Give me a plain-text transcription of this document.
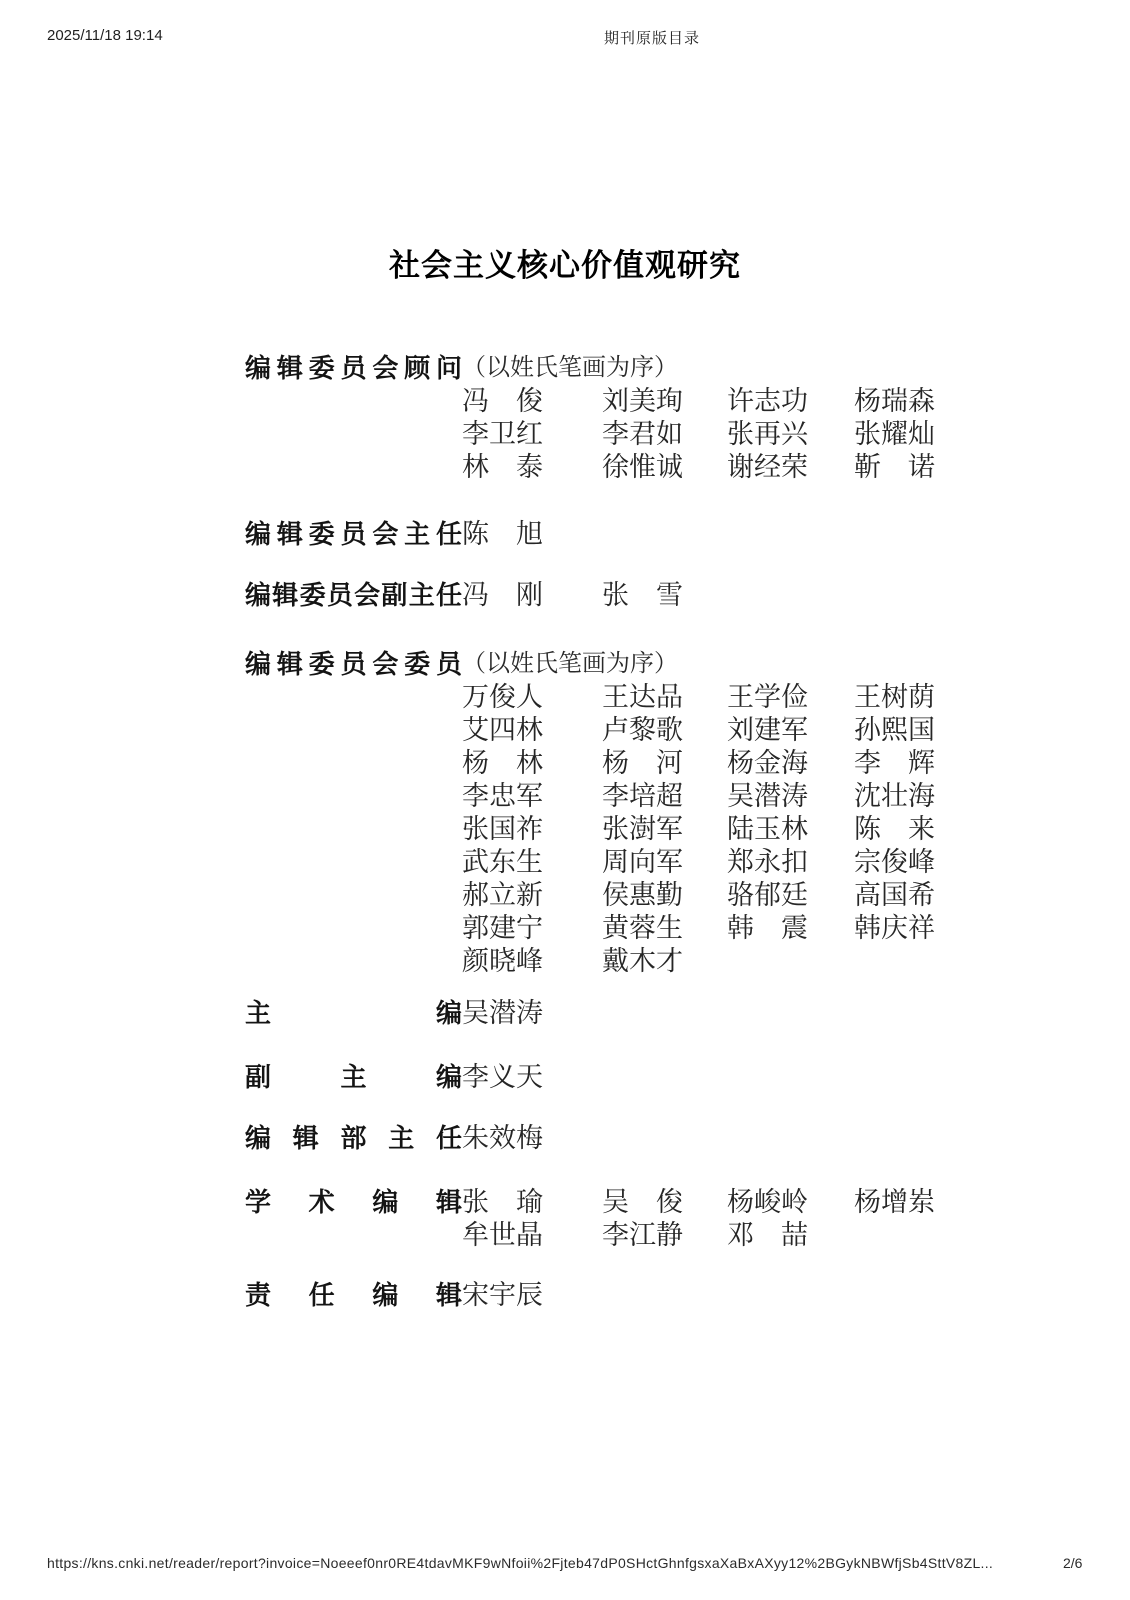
2025/11/18 19:14	期刊原版目录
社会主义核心价值观研究
编 辑 委 员 会 顾 问 （以姓氏笔画为序）
冯　俊	刘美珣	许志功	杨瑞森
李卫红	李君如	张再兴	张耀灿
林　泰	徐惟诚	谢经荣	靳　诺
编 辑 委 员 会 主 任 陈　旭
编 辑 委 员 会 副 主 任 冯　刚	张　雪
编 辑 委 员 会 委 员 （以姓氏笔画为序）
万俊人	王达品	王学俭	王树荫
艾四林	卢黎歌	刘建军	孙熙国
杨　林	杨　河	杨金海	李　辉
李忠军	李培超	吴潜涛	沈壮海
张国祚	张澍军	陆玉林	陈　来
武东生	周向军	郑永扣	宗俊峰
郝立新	侯惠勤	骆郁廷	高国希
郭建宁	黄蓉生	韩　震	韩庆祥
颜晓峰	戴木才
主	编 吴潜涛
副	主	编 李义天
编 辑 部 主 任 朱效梅
学 术 编 辑 张　瑜	吴　俊	杨峻岭	杨增岽
牟世晶	李江静	邓　喆
责 任 编 辑 宋宇辰
https://kns.cnki.net/reader/report?invoice=Noeeef0nr0RE4tdavMKF9wNfoii%2Fjteb47dP0SHctGhnfgsxaXaBxAXyy12%2BGykNBWfjSb4SttV8ZL...	2/6
